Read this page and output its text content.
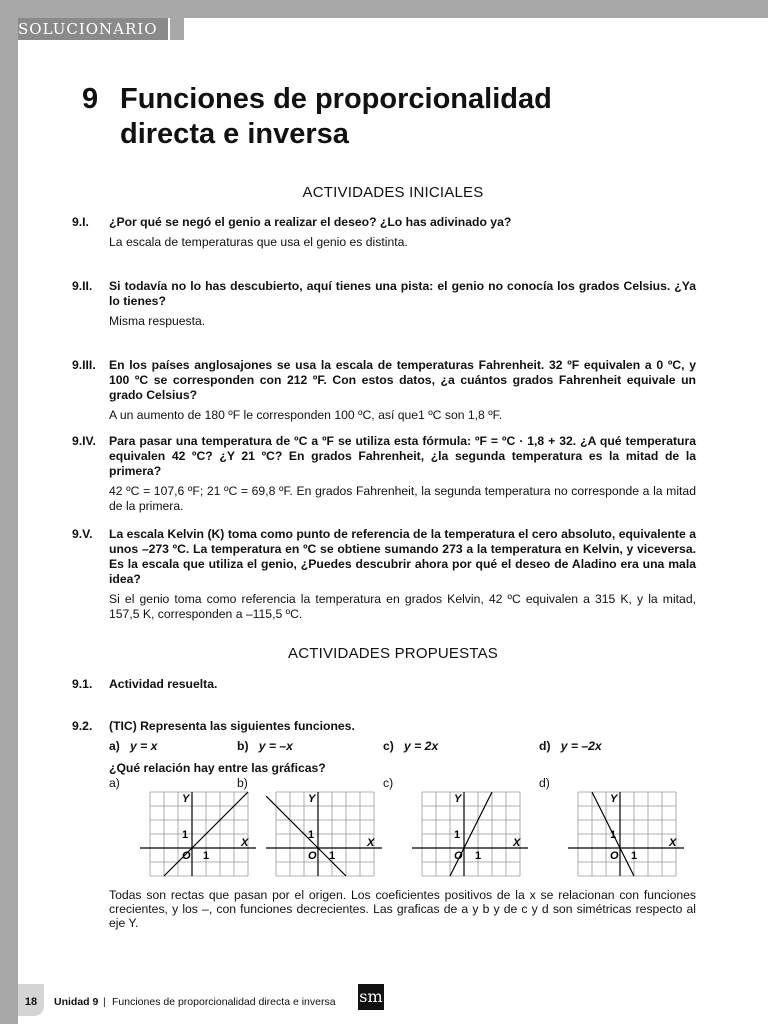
SOLUCIONARIO
9 Funciones de proporcionalidad
directa e inversa
ACTIVIDADES INICIALES
9.I.	¿Por qué se negó el genio a realizar el deseo? ¿Lo has adivinado ya?
La escala de temperaturas que usa el genio es distinta.
9.II.	Si todavía no lo has descubierto, aquí tienes una pista: el genio no conocía los grados Celsius. ¿Ya lo tienes?
Misma respuesta.
9.III.	En los países anglosajones se usa la escala de temperaturas Fahrenheit. 32 ºF equivalen a 0 ºC, y 100 ºC se corresponden con 212 ºF. Con estos datos, ¿a cuántos grados Fahrenheit equivale un grado Celsius?
A un aumento de 180 ºF le corresponden 100 ºC, así que1 ºC son 1,8 ºF.
9.IV.	Para pasar una temperatura de ºC a ºF se utiliza esta fórmula: ºF = ºC · 1,8 + 32. ¿A qué temperatura equivalen 42 ºC? ¿Y 21 ºC? En grados Fahrenheit, ¿la segunda temperatura es la mitad de la primera?
42 ºC = 107,6 ºF; 21 ºC = 69,8 ºF. En grados Fahrenheit, la segunda temperatura no corresponde a la mitad de la primera.
9.V.	La escala Kelvin (K) toma como punto de referencia de la temperatura el cero absoluto, equivalente a unos –273 ºC. La temperatura en ºC se obtiene sumando 273 a la temperatura en Kelvin, y viceversa. Es la escala que utiliza el genio, ¿Puedes descubrir ahora por qué el deseo de Aladino era una mala idea?
Si el genio toma como referencia la temperatura en grados Kelvin, 42 ºC equivalen a 315 K, y la mitad, 157,5 K, corresponden a –115,5 ºC.
ACTIVIDADES PROPUESTAS
9.1.	Actividad resuelta.
9.2.	(TIC) Representa las siguientes funciones.
a) y = x	b) y = –x	c) y = 2x	d) y = –2x
¿Qué relación hay entre las gráficas?
a)	b)	c)	d)
Y
X
1
1
O
Y
X
1
1
O
Y
X
1
1
O
Y
X
1
1
O
Todas son rectas que pasan por el origen. Los coeficientes positivos de la x se relacionan con funciones crecientes, y los –, con funciones decrecientes. Las graficas de a y b y de c y d son simétricas respecto al eje Y.
18	Unidad 9 | Funciones de proporcionalidad directa e inversa sm
